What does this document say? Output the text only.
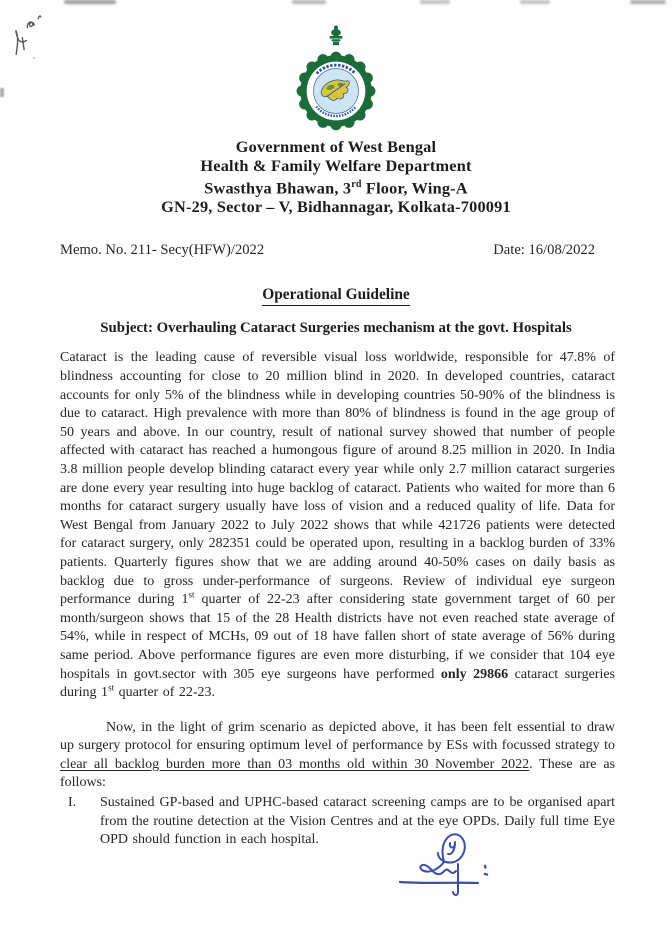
Government of West Bengal
Health & Family Welfare Department
Swasthya Bhawan, 3rd Floor, Wing-A
GN-29, Sector – V, Bidhannagar, Kolkata-700091
Memo. No. 211- Secy(HFW)/2022	Date: 16/08/2022
Operational Guideline
Subject: Overhauling Cataract Surgeries mechanism at the govt. Hospitals

Cataract is the leading cause of reversible visual loss worldwide, responsible for 47.8% of blindness accounting for close to 20 million blind in 2020. In developed countries, cataract accounts for only 5% of the blindness while in developing countries 50-90% of the blindness is due to cataract. High prevalence with more than 80% of blindness is found in the age group of 50 years and above. In our country, result of national survey showed that number of people affected with cataract has reached a humongous figure of around 8.25 million in 2020. In India 3.8 million people develop blinding cataract every year while only 2.7 million cataract surgeries are done every year resulting into huge backlog of cataract. Patients who waited for more than 6 months for cataract surgery usually have loss of vision and a reduced quality of life. Data for West Bengal from January 2022 to July 2022 shows that while 421726 patients were detected for cataract surgery, only 282351 could be operated upon, resulting in a backlog burden of 33% patients. Quarterly figures show that we are adding around 40-50% cases on daily basis as backlog due to gross under-performance of surgeons. Review of individual eye surgeon performance during 1st quarter of 22-23 after considering state government target of 60 per month/surgeon shows that 15 of the 28 Health districts have not even reached state average of 54%, while in respect of MCHs, 09 out of 18 have fallen short of state average of 56% during same period. Above performance figures are even more disturbing, if we consider that 104 eye hospitals in govt.sector with 305 eye surgeons have performed only 29866 cataract surgeries during 1st quarter of 22-23.

Now, in the light of grim scenario as depicted above, it has been felt essential to draw up surgery protocol for ensuring optimum level of performance by ESs with focussed strategy to clear all backlog burden more than 03 months old within 30 November 2022. These are as follows:

I.	Sustained GP-based and UPHC-based cataract screening camps are to be organised apart from the routine detection at the Vision Centres and at the eye OPDs. Daily full time Eye OPD should function in each hospital.
